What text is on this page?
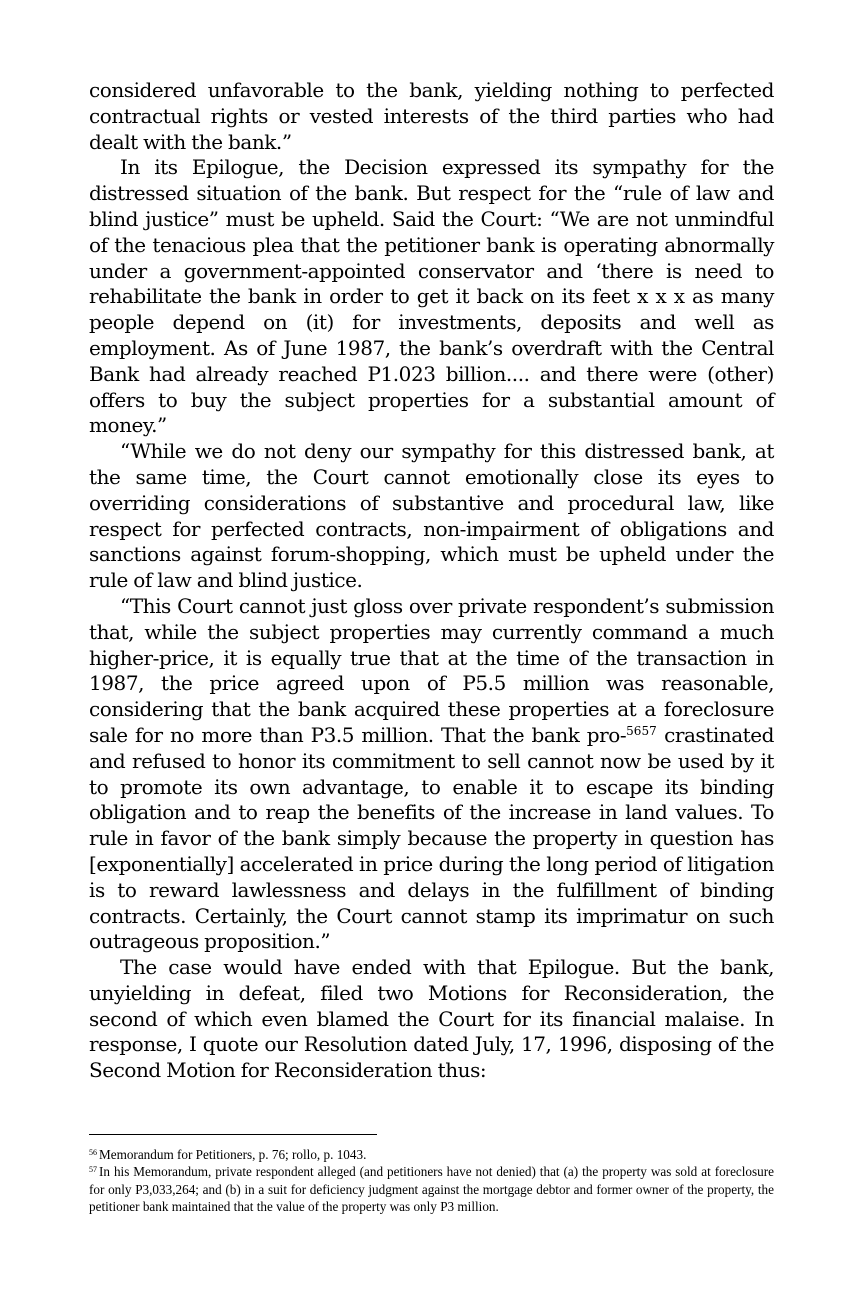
considered unfavorable to the bank, yielding nothing to perfected contractual rights or vested interests of the third parties who had dealt with the bank.”

In its Epilogue, the Decision expressed its sympathy for the distressed situation of the bank. But respect for the “rule of law and blind justice” must be upheld. Said the Court: “We are not unmindful of the tenacious plea that the petitioner bank is operating abnormally under a government-appointed conservator and ‘there is need to rehabilitate the bank in order to get it back on its feet x x x as many people depend on (it) for investments, deposits and well as employment. As of June 1987, the bank’s overdraft with the Central Bank had already reached P1.023 billion.... and there were (other) offers to buy the subject properties for a substantial amount of money.”

“While we do not deny our sympathy for this distressed bank, at the same time, the Court cannot emotionally close its eyes to overriding considerations of substantive and procedural law, like respect for perfected contracts, non-impairment of obligations and sanctions against forum-shopping, which must be upheld under the rule of law and blind justice.

“This Court cannot just gloss over private respondent’s submission that, while the subject properties may currently command a much higher-price, it is equally true that at the time of the transaction in 1987, the price agreed upon of P5.5 million was reasonable, considering that the bank acquired these properties at a foreclosure sale for no more than P3.5 million. That the bank pro-$^{5657}$ crastinated and refused to honor its commitment to sell cannot now be used by it to promote its own advantage, to enable it to escape its binding obligation and to reap the benefits of the increase in land values. To rule in favor of the bank simply because the property in question has [exponentially] accelerated in price during the long period of litigation is to reward lawlessness and delays in the fulfillment of binding contracts. Certainly, the Court cannot stamp its imprimatur on such outrageous proposition.”

The case would have ended with that Epilogue. But the bank, unyielding in defeat, filed two Motions for Reconsideration, the second of which even blamed the Court for its financial malaise. In response, I quote our Resolution dated July, 17, 1996, disposing of the Second Motion for Reconsideration thus:

$^{56}$ Memorandum for Petitioners, p. 76; rollo, p. 1043.

$^{57}$ In his Memorandum, private respondent alleged (and petitioners have not denied) that (a) the property was sold at foreclosure for only P3,033,264; and (b) in a suit for deficiency judgment against the mortgage debtor and former owner of the property, the petitioner bank maintained that the value of the property was only P3 million.
